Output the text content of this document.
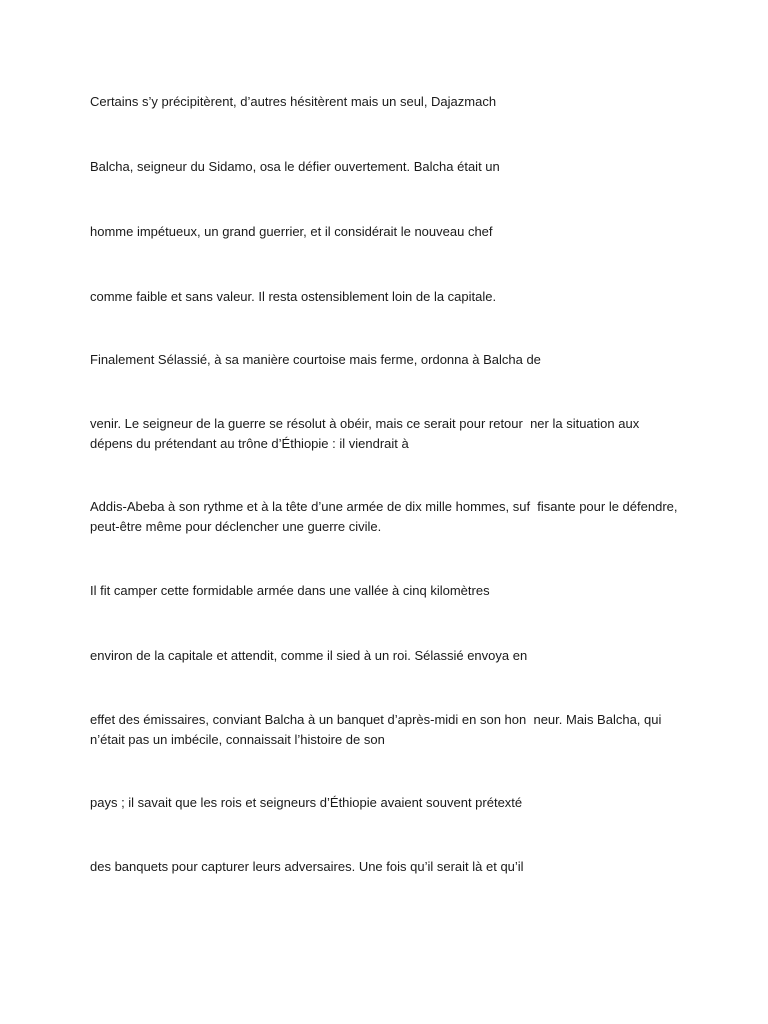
Certains s’y précipitèrent, d’autres hésitèrent mais un seul, Dajazmach

Balcha, seigneur du Sidamo, osa le défier ouvertement. Balcha était un

homme impétueux, un grand guerrier, et il considérait le nouveau chef

comme faible et sans valeur. Il resta ostensiblement loin de la capitale.

Finalement Sélassié, à sa manière courtoise mais ferme, ordonna à Balcha de

venir. Le seigneur de la guerre se résolut à obéir, mais ce serait pour retour  ner la situation aux dépens du prétendant au trône d’Éthiopie : il viendrait à

Addis-Abeba à son rythme et à la tête d’une armée de dix mille hommes, suf  fisante pour le défendre, peut-être même pour déclencher une guerre civile.

Il fit camper cette formidable armée dans une vallée à cinq kilomètres

environ de la capitale et attendit, comme il sied à un roi. Sélassié envoya en

effet des émissaires, conviant Balcha à un banquet d’après-midi en son hon  neur. Mais Balcha, qui n’était pas un imbécile, connaissait l’histoire de son

pays ; il savait que les rois et seigneurs d’Éthiopie avaient souvent prétexté

des banquets pour capturer leurs adversaires. Une fois qu’il serait là et qu’il
